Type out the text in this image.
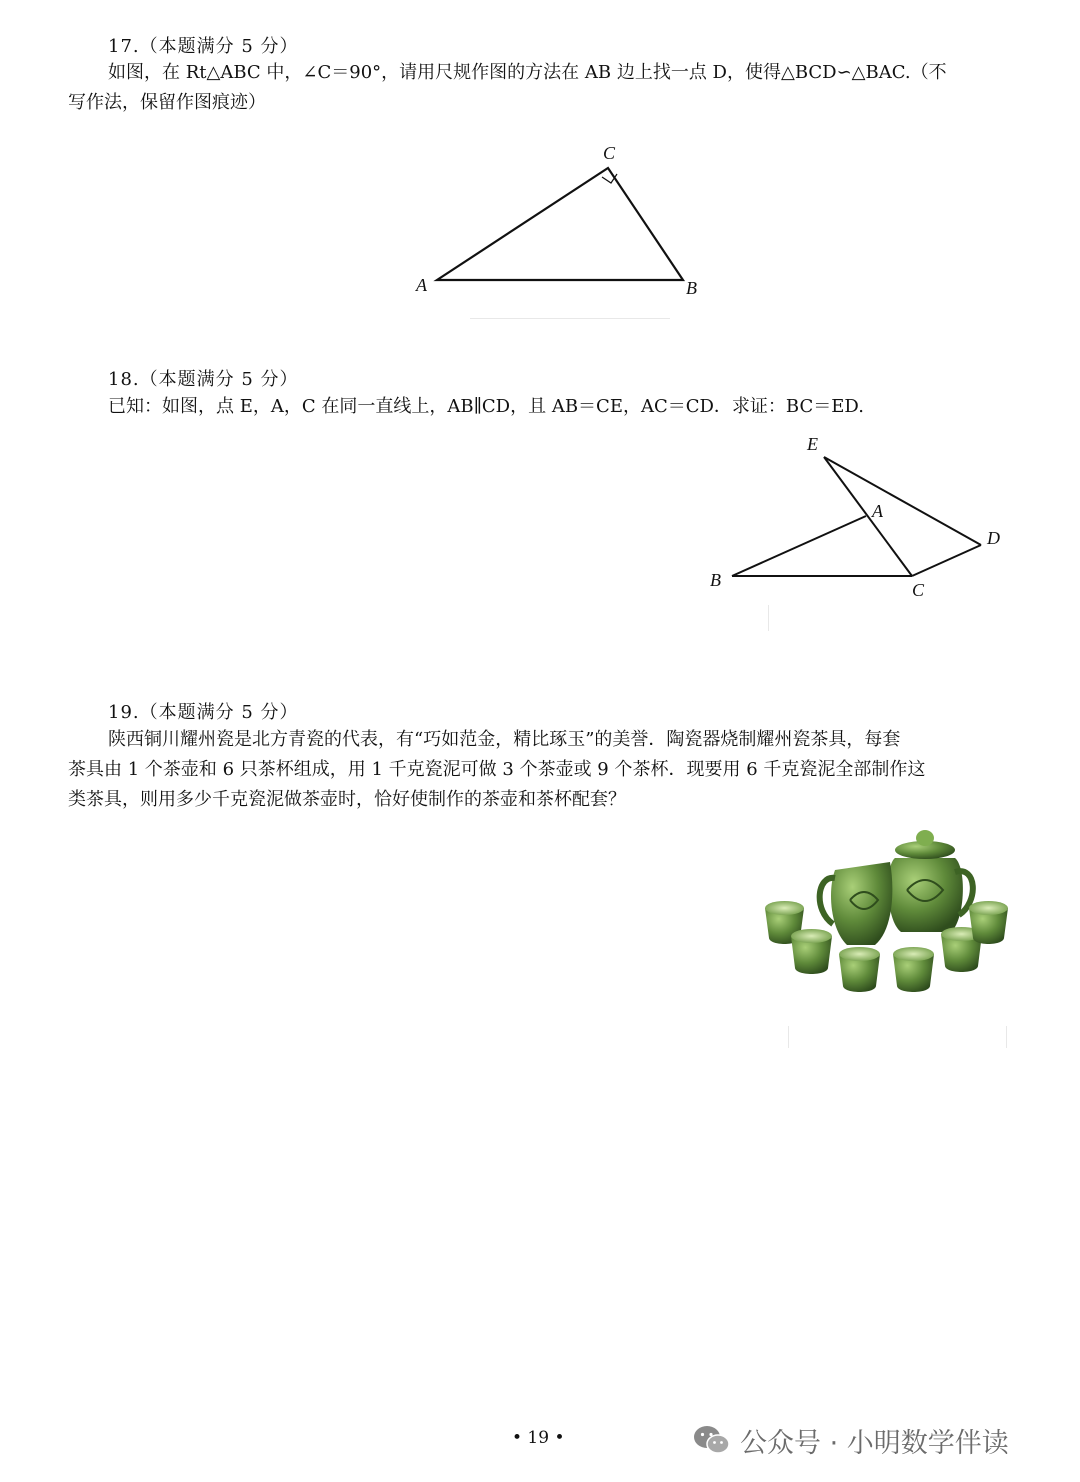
17.（本题满分 5 分）
如图，在 Rt△ABC 中，∠C＝90°，请用尺规作图的方法在 AB 边上找一点 D，使得△BCD∽△BAC.（不
写作法，保留作图痕迹）
C
A	B
18.（本题满分 5 分）
已知：如图，点 E，A，C 在同一直线上，AB∥CD，且 AB＝CE，AC＝CD．求证：BC＝ED.
E
A
D
B	C
19.（本题满分 5 分）
陕西铜川耀州瓷是北方青瓷的代表，有“巧如范金，精比琢玉”的美誉．陶瓷器烧制耀州瓷茶具，每套
茶具由 1 个茶壶和 6 只茶杯组成，用 1 千克瓷泥可做 3 个茶壶或 9 个茶杯．现要用 6 千克瓷泥全部制作这
类茶具，则用多少千克瓷泥做茶壶时，恰好使制作的茶壶和茶杯配套？
• 19 •	公众号 · 小明数学伴读
